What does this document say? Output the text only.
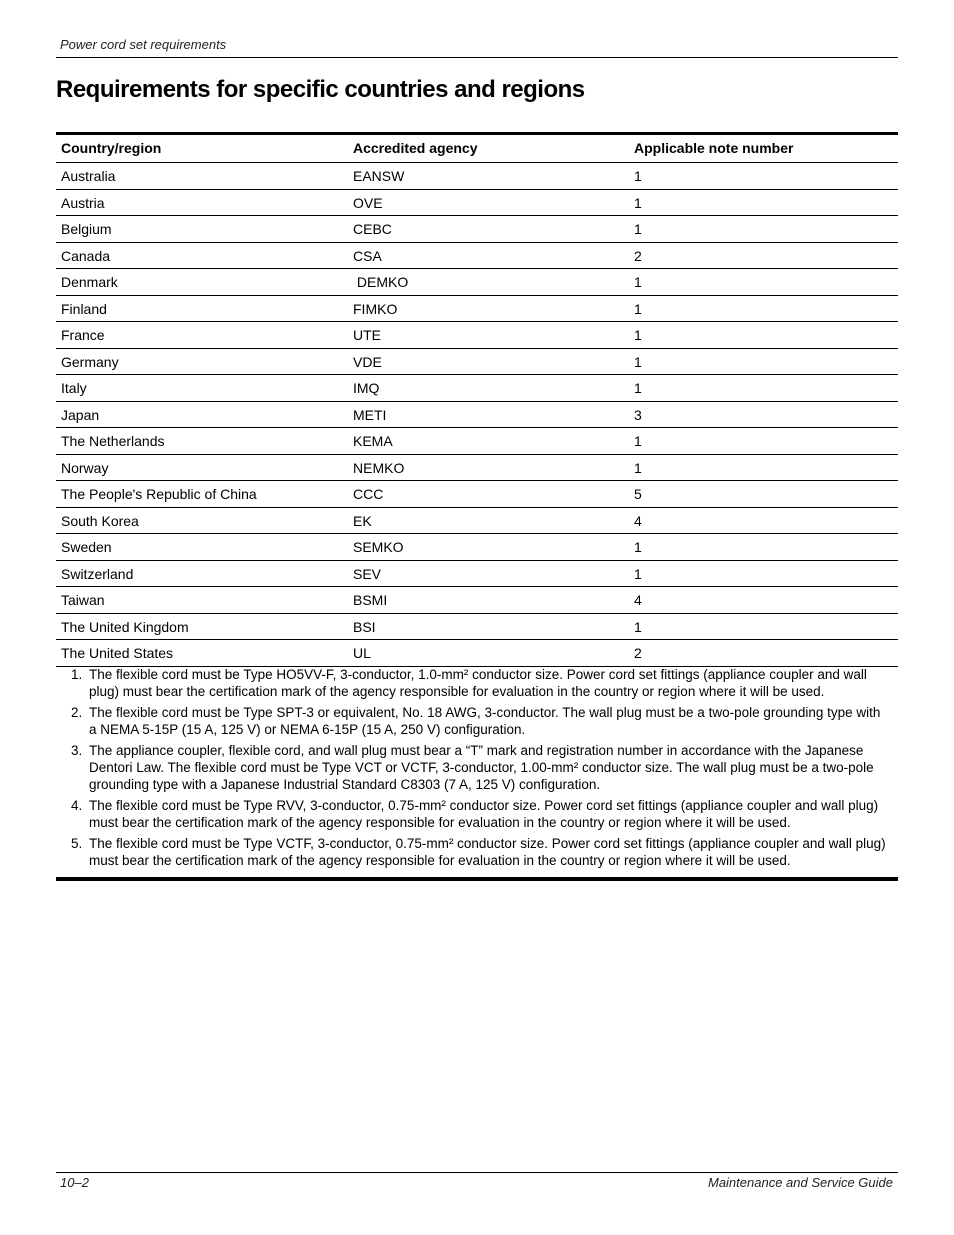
Power cord set requirements
Requirements for specific countries and regions
Country/region	Accredited agency	Applicable note number
Australia	EANSW	1
Austria	OVE	1
Belgium	CEBC	1
Canada	CSA	2
Denmark	DEMKO	1
Finland	FIMKO	1
France	UTE	1
Germany	VDE	1
Italy	IMQ	1
Japan	METI	3
The Netherlands	KEMA	1
Norway	NEMKO	1
The People's Republic of China	CCC	5
South Korea	EK	4
Sweden	SEMKO	1
Switzerland	SEV	1
Taiwan	BSMI	4
The United Kingdom	BSI	1
The United States	UL	2
1. The flexible cord must be Type HO5VV-F, 3-conductor, 1.0-mm² conductor size. Power cord set fittings (appliance coupler and wall plug) must bear the certification mark of the agency responsible for evaluation in the country or region where it will be used.
2. The flexible cord must be Type SPT-3 or equivalent, No. 18 AWG, 3-conductor. The wall plug must be a two-pole grounding type with a NEMA 5-15P (15 A, 125 V) or NEMA 6-15P (15 A, 250 V) configuration.
3. The appliance coupler, flexible cord, and wall plug must bear a “T” mark and registration number in accordance with the Japanese Dentori Law. The flexible cord must be Type VCT or VCTF, 3-conductor, 1.00-mm² conductor size. The wall plug must be a two-pole grounding type with a Japanese Industrial Standard C8303 (7 A, 125 V) configuration.
4. The flexible cord must be Type RVV, 3-conductor, 0.75-mm² conductor size. Power cord set fittings (appliance coupler and wall plug) must bear the certification mark of the agency responsible for evaluation in the country or region where it will be used.
5. The flexible cord must be Type VCTF, 3-conductor, 0.75-mm² conductor size. Power cord set fittings (appliance coupler and wall plug) must bear the certification mark of the agency responsible for evaluation in the country or region where it will be used.
10–2	Maintenance and Service Guide
